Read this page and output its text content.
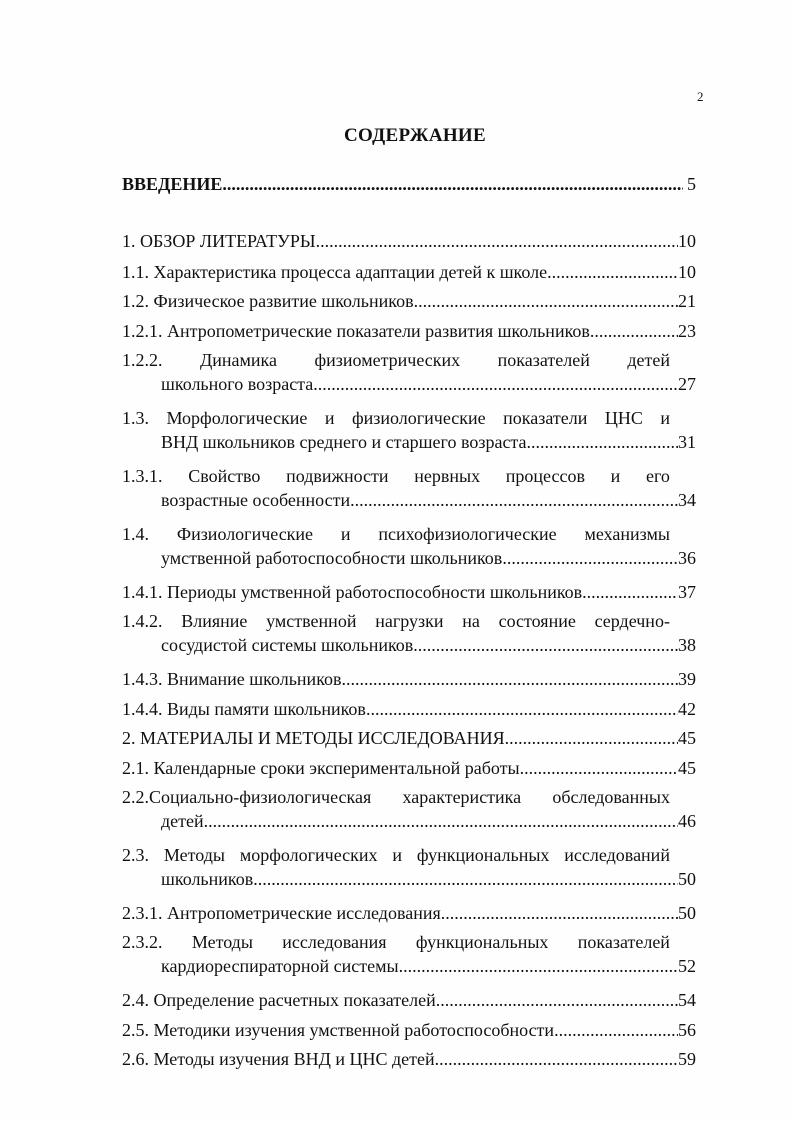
2
СОДЕРЖАНИЕ
ВВЕДЕНИЕ .....	5
1. ОБЗОР ЛИТЕРАТУРЫ .....	10
1.1. Характеристика процесса адаптации детей к школе .....	10
1.2. Физическое развитие школьников .....	21
1.2.1. Антропометрические показатели развития школьников .....	23
1.2.2. Динамика физиометрических показателей детей
школьного возраста .....	27
1.3. Морфологические и физиологические показатели ЦНС и
ВНД школьников среднего и старшего возраста .....	31
1.3.1. Свойство подвижности нервных процессов и его
возрастные особенности .....	34
1.4. Физиологические и психофизиологические механизмы
умственной работоспособности школьников .....	36
1.4.1. Периоды умственной работоспособности школьников .....	37
1.4.2. Влияние умственной нагрузки на состояние сердечно-
сосудистой системы школьников .....	38
1.4.3. Внимание школьников .....	39
1.4.4. Виды памяти школьников .....	42
2. МАТЕРИАЛЫ И МЕТОДЫ ИССЛЕДОВАНИЯ .....	45
2.1. Календарные сроки экспериментальной работы .....	45
2.2.Социально-физиологическая характеристика обследованных
детей .....	46
2.3. Методы морфологических и функциональных исследований
школьников .....	50
2.3.1. Антропометрические исследования .....	50
2.3.2. Методы исследования функциональных показателей
кардиореспираторной системы .....	52
2.4. Определение расчетных показателей .....	54
2.5. Методики изучения умственной работоспособности .....	56
2.6. Методы изучения ВНД и ЦНС детей .....	59
